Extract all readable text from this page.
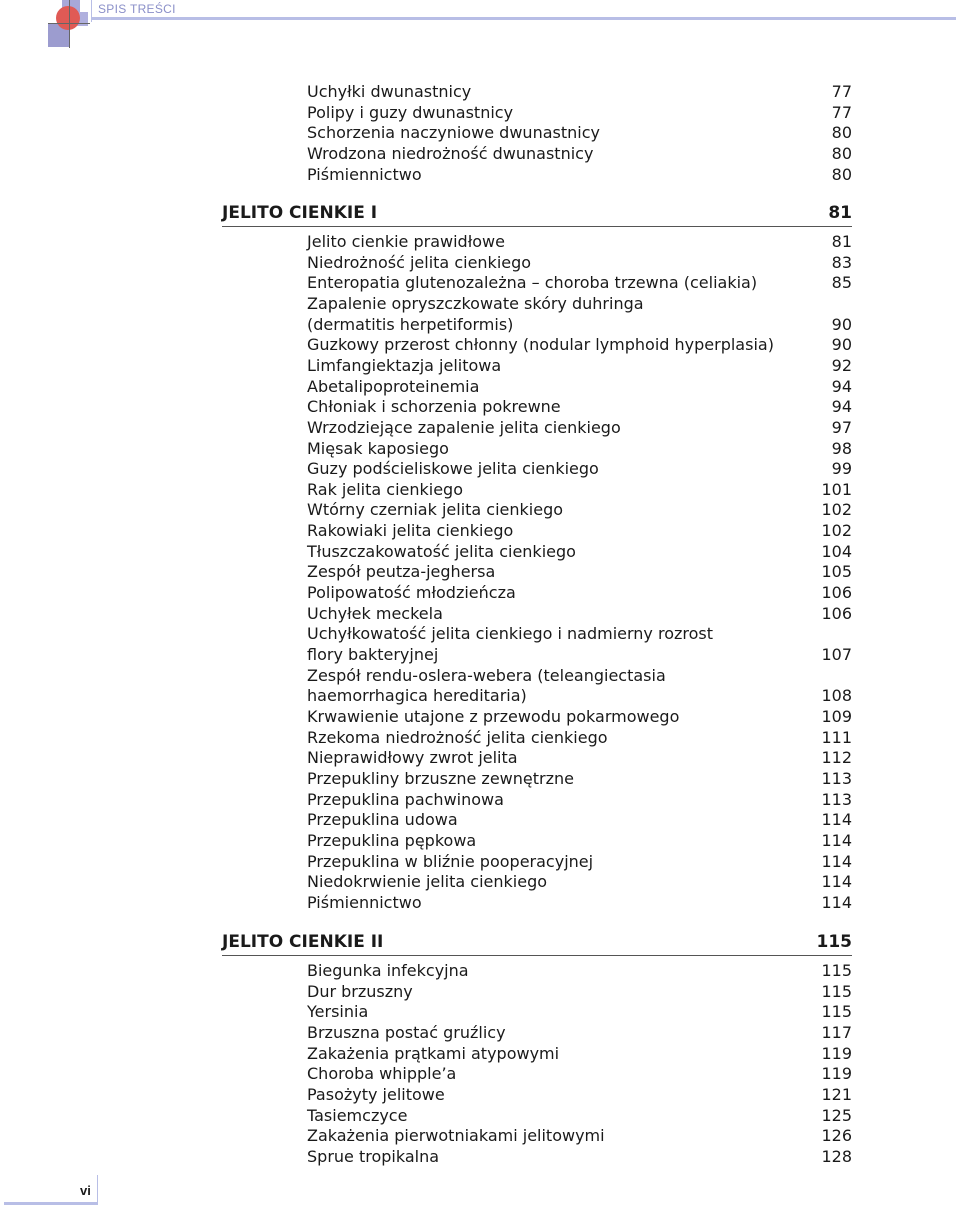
SPIS TREŚCI
Uchyłki dwunastnicy	77
Polipy i guzy dwunastnicy	77
Schorzenia naczyniowe dwunastnicy	80
Wrodzona niedrożność dwunastnicy	80
Piśmiennictwo	80
JELITO CIENKIE I	81
Jelito cienkie prawidłowe	81
Niedrożność jelita cienkiego	83
Enteropatia glutenozależna – choroba trzewna (celiakia)	85
Zapalenie opryszczkowate skóry duhringa
(dermatitis herpetiformis)	90
Guzkowy przerost chłonny (nodular lymphoid hyperplasia)	90
Limfangiektazja jelitowa	92
Abetalipoproteinemia	94
Chłoniak i schorzenia pokrewne	94
Wrzodziejące zapalenie jelita cienkiego	97
Mięsak kaposiego	98
Guzy podścieliskowe jelita cienkiego	99
Rak jelita cienkiego	101
Wtórny czerniak jelita cienkiego	102
Rakowiaki jelita cienkiego	102
Tłuszczakowatość jelita cienkiego	104
Zespół peutza-jeghersa	105
Polipowatość młodzieńcza	106
Uchyłek meckela	106
Uchyłkowatość jelita cienkiego i nadmierny rozrost
flory bakteryjnej	107
Zespół rendu-oslera-webera (teleangiectasia
haemorrhagica hereditaria)	108
Krwawienie utajone z przewodu pokarmowego	109
Rzekoma niedrożność jelita cienkiego	111
Nieprawidłowy zwrot jelita	112
Przepukliny brzuszne zewnętrzne	113
Przepuklina pachwinowa	113
Przepuklina udowa	114
Przepuklina pępkowa	114
Przepuklina w bliźnie pooperacyjnej	114
Niedokrwienie jelita cienkiego	114
Piśmiennictwo	114
JELITO CIENKIE II	115
Biegunka infekcyjna	115
Dur brzuszny	115
Yersinia	115
Brzuszna postać gruźlicy	117
Zakażenia prątkami atypowymi	119
Choroba whipple’a	119
Pasożyty jelitowe	121
Tasiemczyce	125
Zakażenia pierwotniakami jelitowymi	126
Sprue tropikalna	128
vi
